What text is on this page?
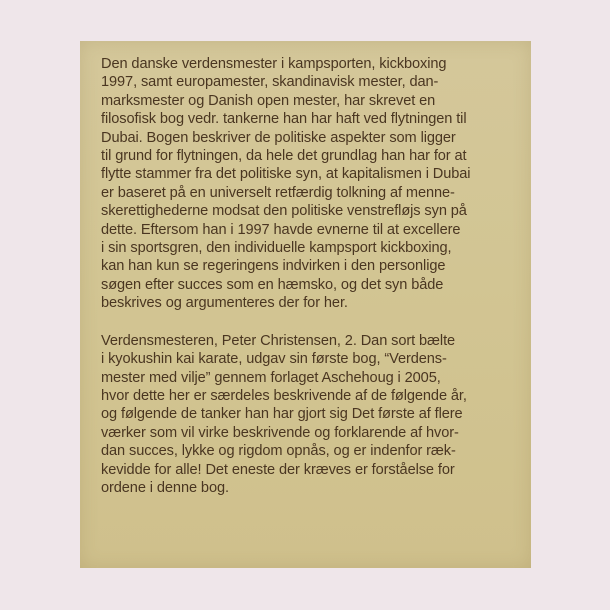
Den danske verdensmester i kampsporten, kickboxing
1997, samt europamester, skandinavisk mester, dan-
marksmester og Danish open mester, har skrevet en
filosofisk bog vedr. tankerne han har haft ved flytningen til
Dubai. Bogen beskriver de politiske aspekter som ligger
til grund for flytningen, da hele det grundlag han har for at
flytte stammer fra det politiske syn, at kapitalismen i Dubai
er baseret på en universelt retfærdig tolkning af menne-
skerettighederne modsat den politiske venstrefløjs syn på
dette. Eftersom han i 1997 havde evnerne til at excellere
i sin sportsgren, den individuelle kampsport kickboxing,
kan han kun se regeringens indvirken i den personlige
søgen efter succes som en hæmsko, og det syn både
beskrives og argumenteres der for her.

Verdensmesteren, Peter Christensen, 2. Dan sort bælte
i kyokushin kai karate, udgav sin første bog, “Verdens-
mester med vilje” gennem forlaget Aschehoug i 2005,
hvor dette her er særdeles beskrivende af de følgende år,
og følgende de tanker han har gjort sig Det første af flere
værker som vil virke beskrivende og forklarende af hvor-
dan succes, lykke og rigdom opnås, og er indenfor ræk-
kevidde for alle! Det eneste der kræves er forståelse for
ordene i denne bog.
